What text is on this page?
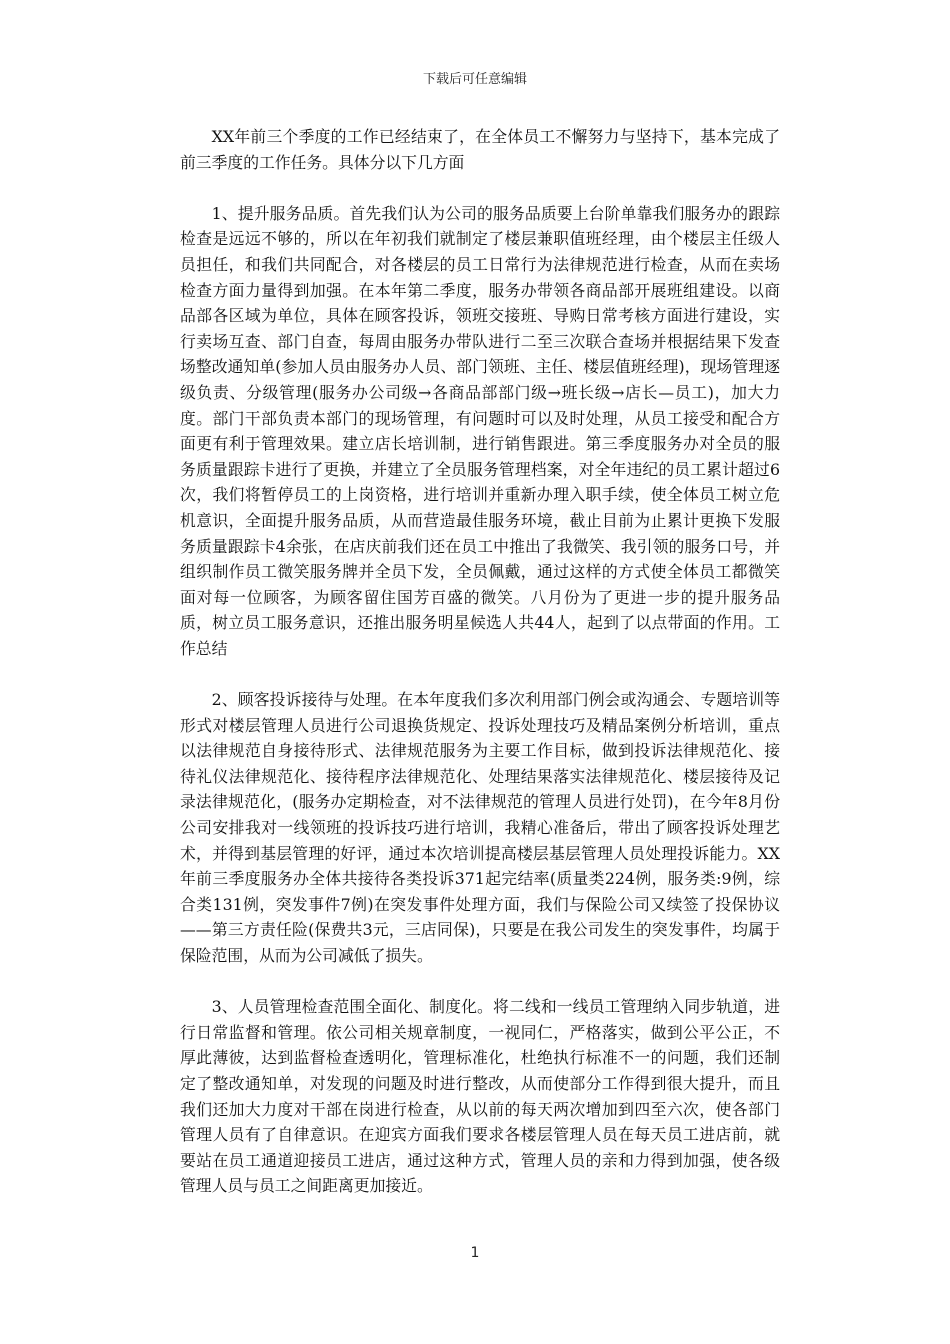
下载后可任意编辑

XX年前三个季度的工作已经结束了，在全体员工不懈努力与坚持下，基本完成了前三季度的工作任务。具体分以下几方面

1、提升服务品质。首先我们认为公司的服务品质要上台阶单靠我们服务办的跟踪检查是远远不够的，所以在年初我们就制定了楼层兼职值班经理，由个楼层主任级人员担任，和我们共同配合，对各楼层的员工日常行为法律规范进行检查，从而在卖场检查方面力量得到加强。在本年第二季度，服务办带领各商品部开展班组建设。以商品部各区域为单位，具体在顾客投诉，领班交接班、导购日常考核方面进行建设，实行卖场互查、部门自查，每周由服务办带队进行二至三次联合查场并根据结果下发查场整改通知单(参加人员由服务办人员、部门领班、主任、楼层值班经理)，现场管理逐级负责、分级管理(服务办公司级→各商品部部门级→班长级→店长—员工)，加大力度。部门干部负责本部门的现场管理，有问题时可以及时处理，从员工接受和配合方面更有利于管理效果。建立店长培训制，进行销售跟进。第三季度服务办对全员的服务质量跟踪卡进行了更换，并建立了全员服务管理档案，对全年违纪的员工累计超过6次，我们将暂停员工的上岗资格，进行培训并重新办理入职手续，使全体员工树立危机意识，全面提升服务品质，从而营造最佳服务环境，截止目前为止累计更换下发服务质量跟踪卡4余张，在店庆前我们还在员工中推出了我微笑、我引领的服务口号，并组织制作员工微笑服务牌并全员下发，全员佩戴，通过这样的方式使全体员工都微笑面对每一位顾客，为顾客留住国芳百盛的微笑。八月份为了更进一步的提升服务品质，树立员工服务意识，还推出服务明星候选人共44人，起到了以点带面的作用。工作总结

2、顾客投诉接待与处理。在本年度我们多次利用部门例会或沟通会、专题培训等形式对楼层管理人员进行公司退换货规定、投诉处理技巧及精品案例分析培训，重点以法律规范自身接待形式、法律规范服务为主要工作目标，做到投诉法律规范化、接待礼仪法律规范化、接待程序法律规范化、处理结果落实法律规范化、楼层接待及记录法律规范化，(服务办定期检查，对不法律规范的管理人员进行处罚)，在今年8月份公司安排我对一线领班的投诉技巧进行培训，我精心准备后，带出了顾客投诉处理艺术，并得到基层管理的好评，通过本次培训提高楼层基层管理人员处理投诉能力。XX年前三季度服务办全体共接待各类投诉371起完结率(质量类224例，服务类:9例，综合类131例，突发事件7例)在突发事件处理方面，我们与保险公司又续签了投保协议——第三方责任险(保费共3元，三店同保)，只要是在我公司发生的突发事件，均属于保险范围，从而为公司减低了损失。

3、人员管理检查范围全面化、制度化。将二线和一线员工管理纳入同步轨道，进行日常监督和管理。依公司相关规章制度，一视同仁，严格落实，做到公平公正，不厚此薄彼，达到监督检查透明化，管理标准化，杜绝执行标准不一的问题，我们还制定了整改通知单，对发现的问题及时进行整改，从而使部分工作得到很大提升，而且我们还加大力度对干部在岗进行检查，从以前的每天两次增加到四至六次，使各部门管理人员有了自律意识。在迎宾方面我们要求各楼层管理人员在每天员工进店前，就要站在员工通道迎接员工进店，通过这种方式，管理人员的亲和力得到加强，使各级管理人员与员工之间距离更加接近。

1
